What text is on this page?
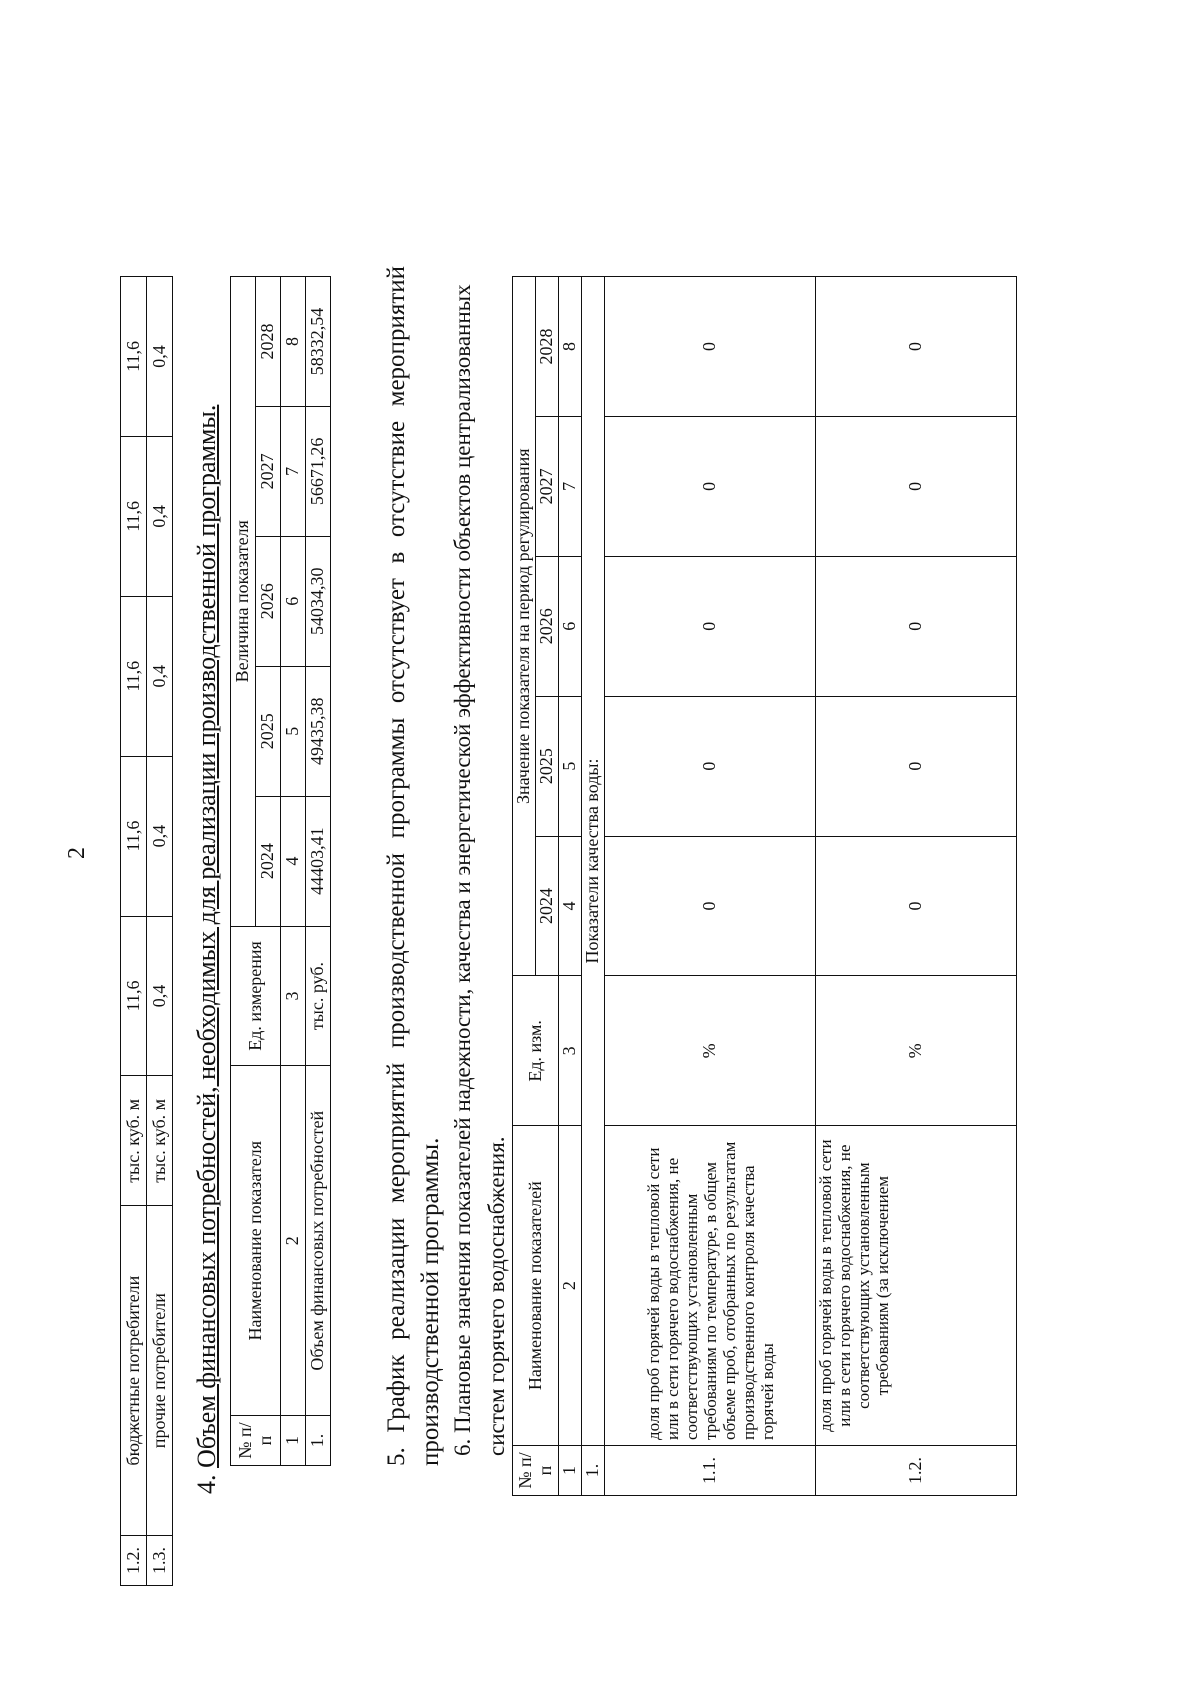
2
1.2.	бюджетные потребители	тыс. куб. м	11,6	11,6	11,6	11,6	11,6
1.3.	прочие потребители	тыс. куб. м	0,4	0,4	0,4	0,4	0,4
4. Объем финансовых потребностей, необходимых для реализации производственной программы. № п/п	Наименование показателя	Ед. измерения	Величина показателя				
			2024	2025	2026	2027	2028
1	2	3	4	5	6	7	8
1.	Объем финансовых потребностей	тыс. руб.	44403,41	49435,38	54034,30	56671,26	58332,54 5. График реализации мероприятий производственной программы отсутствует в отсутствие мероприятий производственной программы. 6. Плановые значения показателей надежности, качества и энергетической эффективности объектов централизованных систем горячего водоснабжения.
№ п/п	Наименование показателей	Ед. изм.	Значение показателя на период регулирования				
			2024	2025	2026	2027	2028
1	2	3	4	5	6	7	8
1.	Показатели качества воды:						
1.1.	доля проб горячей воды в тепловой сети или в сети горячего водоснабжения, не соответствующих установленным требованиям по температуре, в общем объеме проб, отобранных по результатам производственного контроля качества горячей воды	%	0	0	0	0	0
1.2.	доля проб горячей воды в тепловой сети или в сети горячего водоснабжения, не соответствующих установленным требованиям (за исключением	%	0	0	0	0	0
